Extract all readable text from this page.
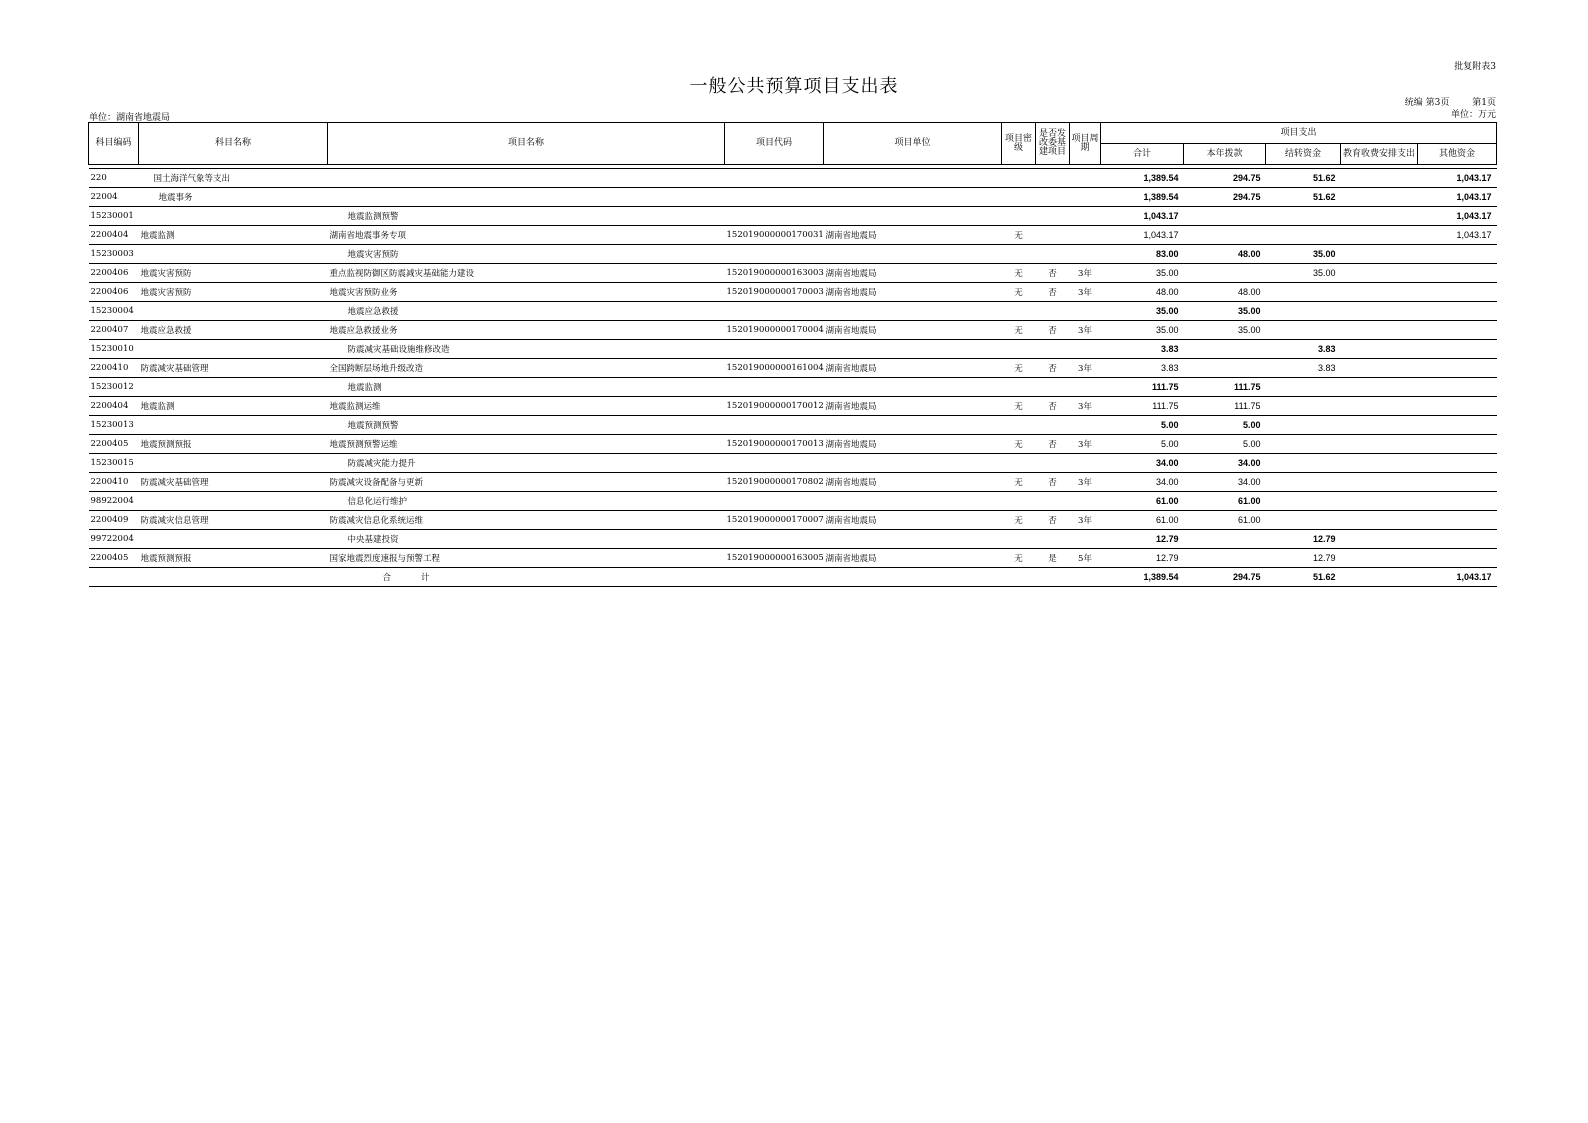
批复附表3
一般公共预算项目支出表
统编 第3页        第1页
单位：湖南省地震局	单位：万元
科目编码	科目名称	项目名称	项目代码	项目单位	项目密级	是否发改委基建项目	项目周期	项目支出				
								合计	本年拨款	结转资金	教育收费安排支出	其他资金

220	国土海洋气象等支出							1,389.54	294.75	51.62		1,043.17
22004	地震事务							1,389.54	294.75	51.62		1,043.17
15230001		地震监测预警						1,043.17				1,043.17
2200404	地震监测	湖南省地震事务专项	152019000000170031	湖南省地震局	无			1,043.17				1,043.17
15230003		地震灾害预防						83.00	48.00	35.00		
2200406	地震灾害预防	重点监视防御区防震减灾基础能力建设	152019000000163003	湖南省地震局	无	否	3年	35.00		35.00		
2200406	地震灾害预防	地震灾害预防业务	152019000000170003	湖南省地震局	无	否	3年	48.00	48.00			
15230004		地震应急救援						35.00	35.00			
2200407	地震应急救援	地震应急救援业务	152019000000170004	湖南省地震局	无	否	3年	35.00	35.00			
15230010		防震减灾基础设施维修改造						3.83		3.83		
2200410	防震减灾基础管理	全国跨断层场地升级改造	152019000000161004	湖南省地震局	无	否	3年	3.83		3.83		
15230012		地震监测						111.75	111.75			
2200404	地震监测	地震监测运维	152019000000170012	湖南省地震局	无	否	3年	111.75	111.75			
15230013		地震预测预警						5.00	5.00			
2200405	地震预测预报	地震预测预警运维	152019000000170013	湖南省地震局	无	否	3年	5.00	5.00			
15230015		防震减灾能力提升						34.00	34.00			
2200410	防震减灾基础管理	防震减灾设备配备与更新	152019000000170802	湖南省地震局	无	否	3年	34.00	34.00			
98922004		信息化运行维护						61.00	61.00			
2200409	防震减灾信息管理	防震减灾信息化系统运维	152019000000170007	湖南省地震局	无	否	3年	61.00	61.00			
99722004		中央基建投资						12.79		12.79		
2200405	地震预测预报	国家地震烈度速报与预警工程	152019000000163005	湖南省地震局	无	是	5年	12.79		12.79		
		合计						1,389.54	294.75	51.62		1,043.17
